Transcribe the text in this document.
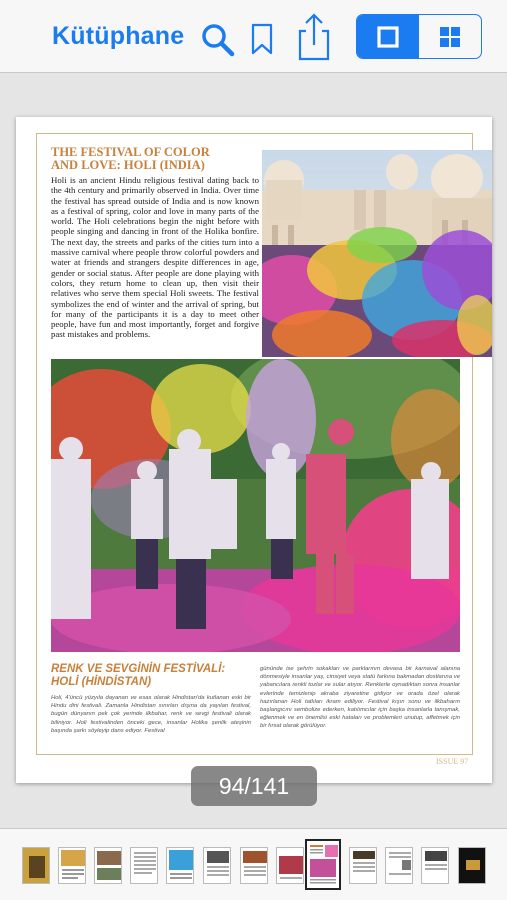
Kütüphane
THE FESTIVAL OF COLOR
AND LOVE: HOLI (INDIA)
Holi is an ancient Hindu religious festival dating back to the 4th century and primarily observed in India. Over time the festival has spread outside of India and is now known as a festival of spring, color and love in many parts of the world. The Holi celebrations begin the night before with people singing and dancing in front of the Holika bonfire. The next day, the streets and parks of the cities turn into a massive carnival where people throw colorful powders and water at friends and strangers despite differences in age, gender or social status. After people are done playing with colors, they return home to clean up, then visit their relatives who serve them special Holi sweets. The festival symbolizes the end of winter and the arrival of spring, but for many of the participants it is a day to meet other people, have fun and most importantly, forget and forgive past mistakes and problems.
RENK VE SEVGİNİN FESTİVALİ:
HOLİ (HİNDİSTAN)
Holi, 4'üncü yüzyıla dayanan ve esas olarak Hindistan'da kutlanan eski bir Hindu dini festivali. Zamanla Hindistan sınırları dışına da yayılan festival, bugün dünyanın pek çok yerinde ilkbahar, renk ve sevgi festivali olarak biliniyor. Holi festivalinden önceki gece, insanlar Holika şenlik ateşinin başında şarkı söyleyip dans ediyor. Festival
gününde ise şehrin sokakları ve parklarının devasa bir karnaval alanına dönmesiyle insanlar yaş, cinsiyet veya statü farkına bakmadan dostlarına ve yabancılara renkli tozlar ve sular atıyor. Renklerle oynadıktan sonra insanlar evlerinde temizlenip akraba ziyaretine gidiyor ve orada özel olarak hazırlanan Holi tatlıları ikram ediliyor. Festival kışın sonu ve ilkbaharın başlangıcını sembolize ederken, katılımcılar için başka insanlarla tanışmak, eğlenmek ve en önemlisi eski hataları ve problemleri unutup, affetmek için bir fırsat olarak görülüyor.
ISSUE 97
94/141
